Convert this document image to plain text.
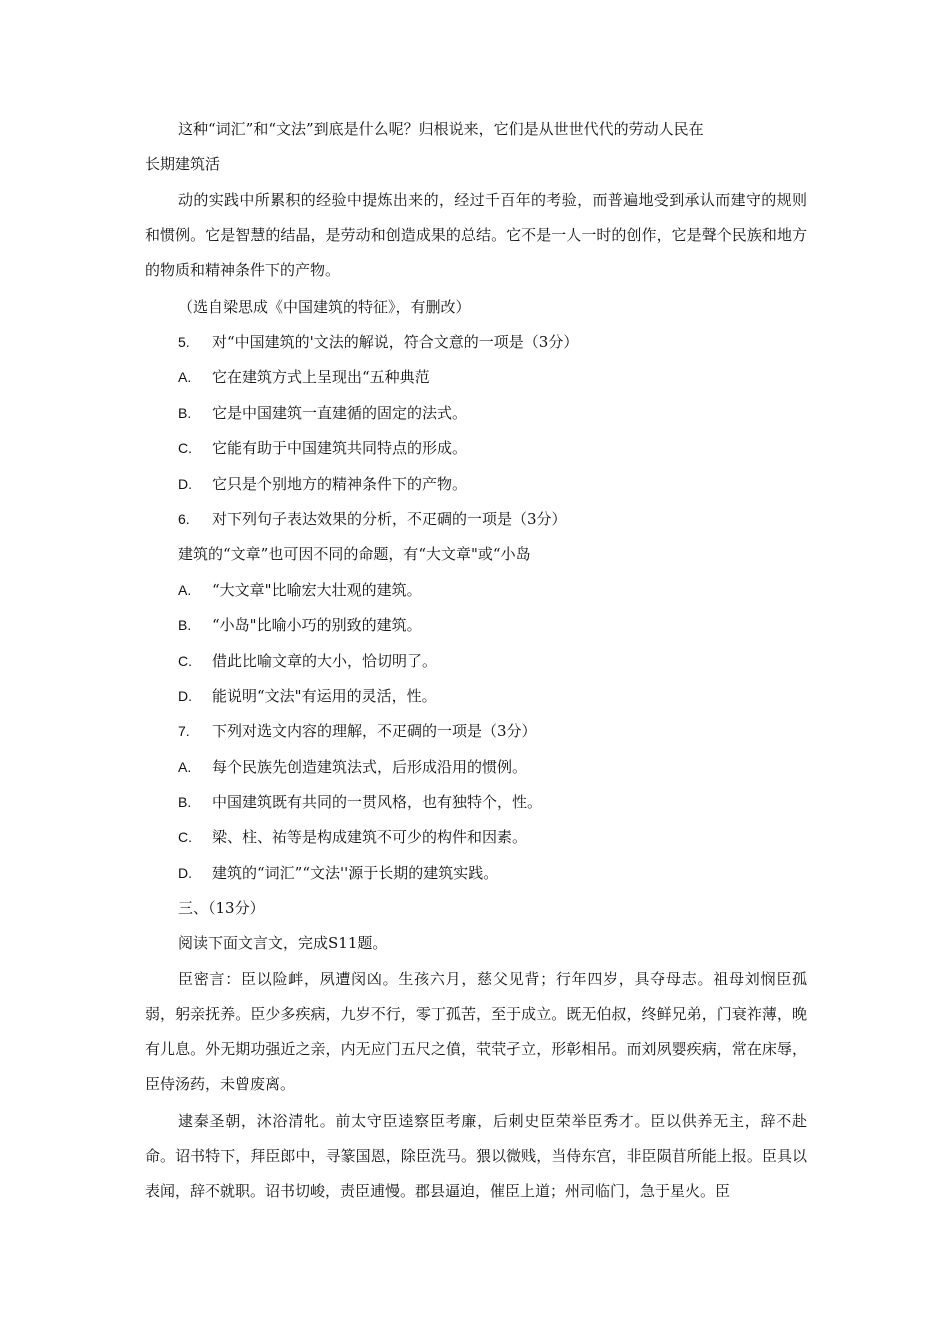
这种“词汇”和“文法”到底是什么呢？归根说来，它们是从世世代代的劳动人民在

长期建筑活

动的实践中所累积的经验中提炼出来的，经过千百年的考验，而普遍地受到承认而建守的规则和惯例。它是智慧的结晶，是劳动和创造成果的总结。它不是一人一时的创作，它是聲个民族和地方的物质和精神条件下的产物。

（选自梁思成《中国建筑的特征》，有删改）

5. 对“中国建筑的'文法的解说，符合文意的一项是（3分）
A. 它在建筑方式上呈现出“五种典范
B. 它是中国建筑一直建循的固定的法式。
C. 它能有助于中国建筑共同特点的形成。
D. 它只是个别地方的精神条件下的产物。
6. 对下列句子表达效果的分析，不疋碉的一项是（3分）
建筑的“文章”也可因不同的命题，有“大文章"或“小岛
A. “大文章"比喻宏大壮观的建筑。
B. “小岛"比喻小巧的别致的建筑。
C. 借此比喻文章的大小，恰切明了。
D. 能说明“文法"有运用的灵活，性。
7. 下列对选文内容的理解，不疋碉的一项是（3分）
A. 每个民族先创造建筑法式，后形成沿用的惯例。
B. 中国建筑既有共同的一贯风格，也有独特个，性。
C. 梁、柱、祐等是构成建筑不可少的构件和因素。
D. 建筑的“词汇”“文法''源于长期的建筑实践。

三、（13分）

阅读下面文言文，完成S11题。

臣密言：臣以险衅，夙遭闵凶。生孩六月，慈父见背；行年四岁，具夺母志。祖母刘悯臣孤弱，躬亲抚养。臣少多疾病，九岁不行，零丁孤苦，至于成立。既无伯叔，终鲜兄弟，门衰祚薄，晚有儿息。外无期功强近之亲，内无应门五尺之僨，茕茕孑立，形彰相吊。而刘夙婴疾病，常在床辱，臣侍汤药，未曾废离。

逮秦圣朝，沐浴清牝。前太守臣逵察臣考廉，后刺史臣荣举臣秀才。臣以供养无主，辞不赴命。诏书特下，拜臣郎中，寻篆国恩，除臣洗马。猥以微贱，当侍东宫，非臣陨苜所能上报。臣具以表闻，辞不就职。诏书切峻，责臣逋慢。郡县逼迫，催臣上道；州司临门，急于星火。臣
